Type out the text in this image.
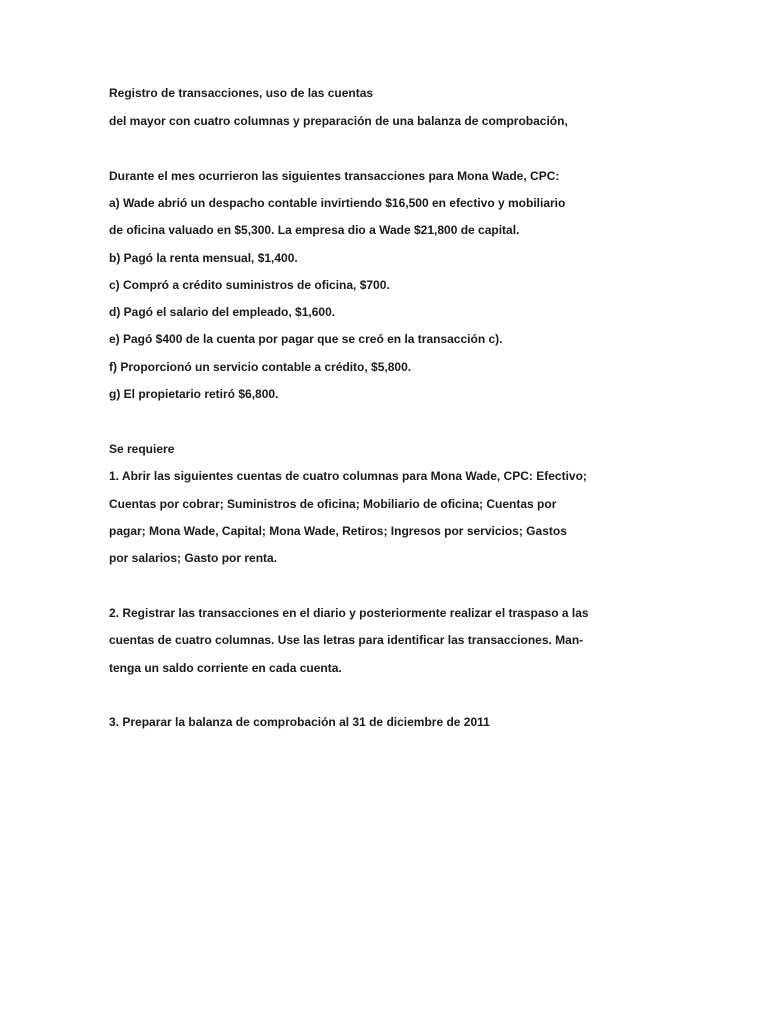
Registro de transacciones, uso de las cuentas
del mayor con cuatro columnas y preparación de una balanza de comprobación,
Durante el mes ocurrieron las siguientes transacciones para Mona Wade, CPC:
a) Wade abrió un despacho contable invirtiendo $16,500 en efectivo y mobiliario
de oficina valuado en $5,300. La empresa dio a Wade $21,800 de capital.
b) Pagó la renta mensual, $1,400.
c) Compró a crédito suministros de oficina, $700.
d) Pagó el salario del empleado, $1,600.
e) Pagó $400 de la cuenta por pagar que se creó en la transacción c).
f) Proporcionó un servicio contable a crédito, $5,800.
g) El propietario retiró $6,800.
Se requiere
1. Abrir las siguientes cuentas de cuatro columnas para Mona Wade, CPC: Efectivo;
Cuentas por cobrar; Suministros de oficina; Mobiliario de oficina; Cuentas por
pagar; Mona Wade, Capital; Mona Wade, Retiros; Ingresos por servicios; Gastos
por salarios; Gasto por renta.
2. Registrar las transacciones en el diario y posteriormente realizar el traspaso a las
cuentas de cuatro columnas. Use las letras para identificar las transacciones. Man-
tenga un saldo corriente en cada cuenta.
3. Preparar la balanza de comprobación al 31 de diciembre de 2011
